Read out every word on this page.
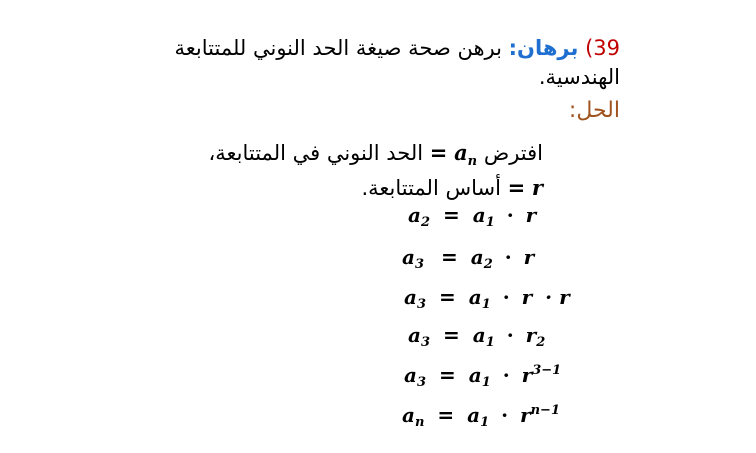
39) برهان: برهن صحة صيغة الحد النوني للمتتابعة الهندسية.
الحل:
افترض $a_n$ = الحد النوني في المتتابعة،
r = أساس المتتابعة.
$a_2 = a_1 \cdot r$
$a_3 = a_2 \cdot r$
$a_3 = a_1 \cdot r \cdot r$
$a_3 = a_1 \cdot r_2$
$a_3 = a_1 \cdot r^{3-1}$
$a_n = a_1 \cdot r^{n-1}$
